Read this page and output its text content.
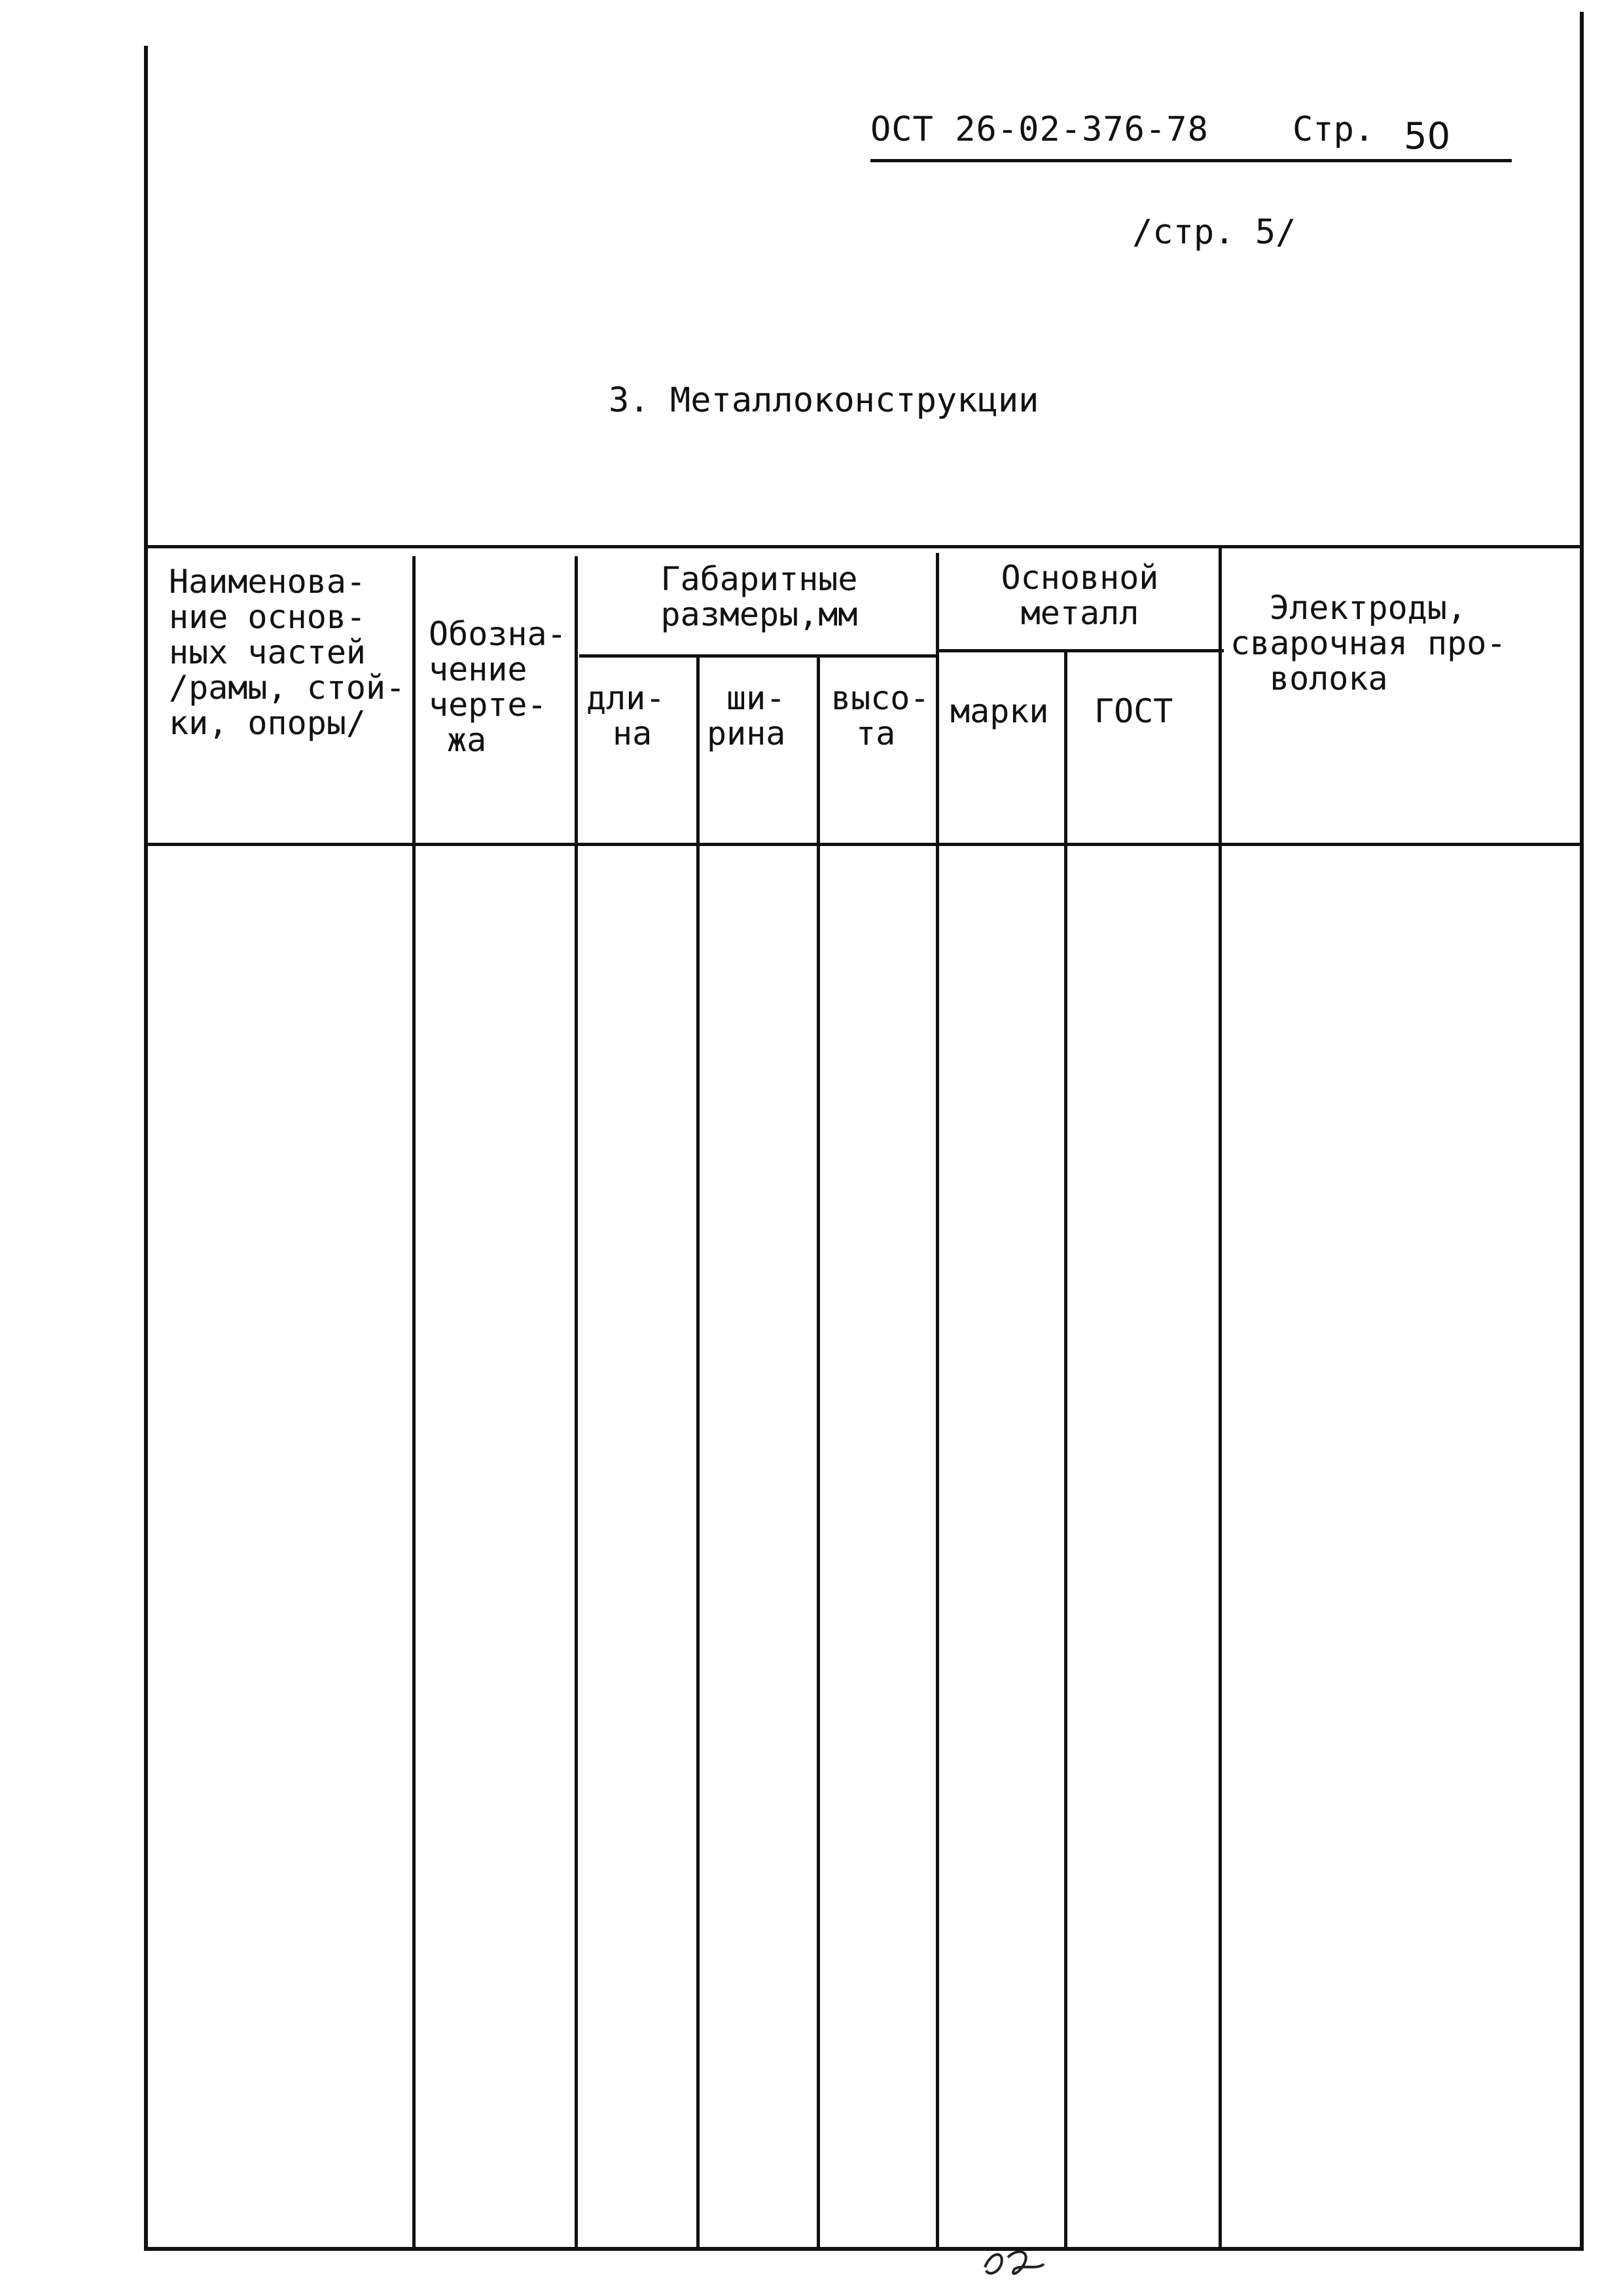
ОСТ 26-02-376-78 Стр. 50
/стр. 5/
3. Металлоконструкции
Наименова-
ние основ-
ных частей
/рамы, стой-
ки, опоры/
Обозна-
чение
черте-
жа
Габаритные
размеры,мм
дли-
на
ши-
рина
высо-
та
Основной
металл
марки ГОСТ
Электроды,
сварочная про-
волока
